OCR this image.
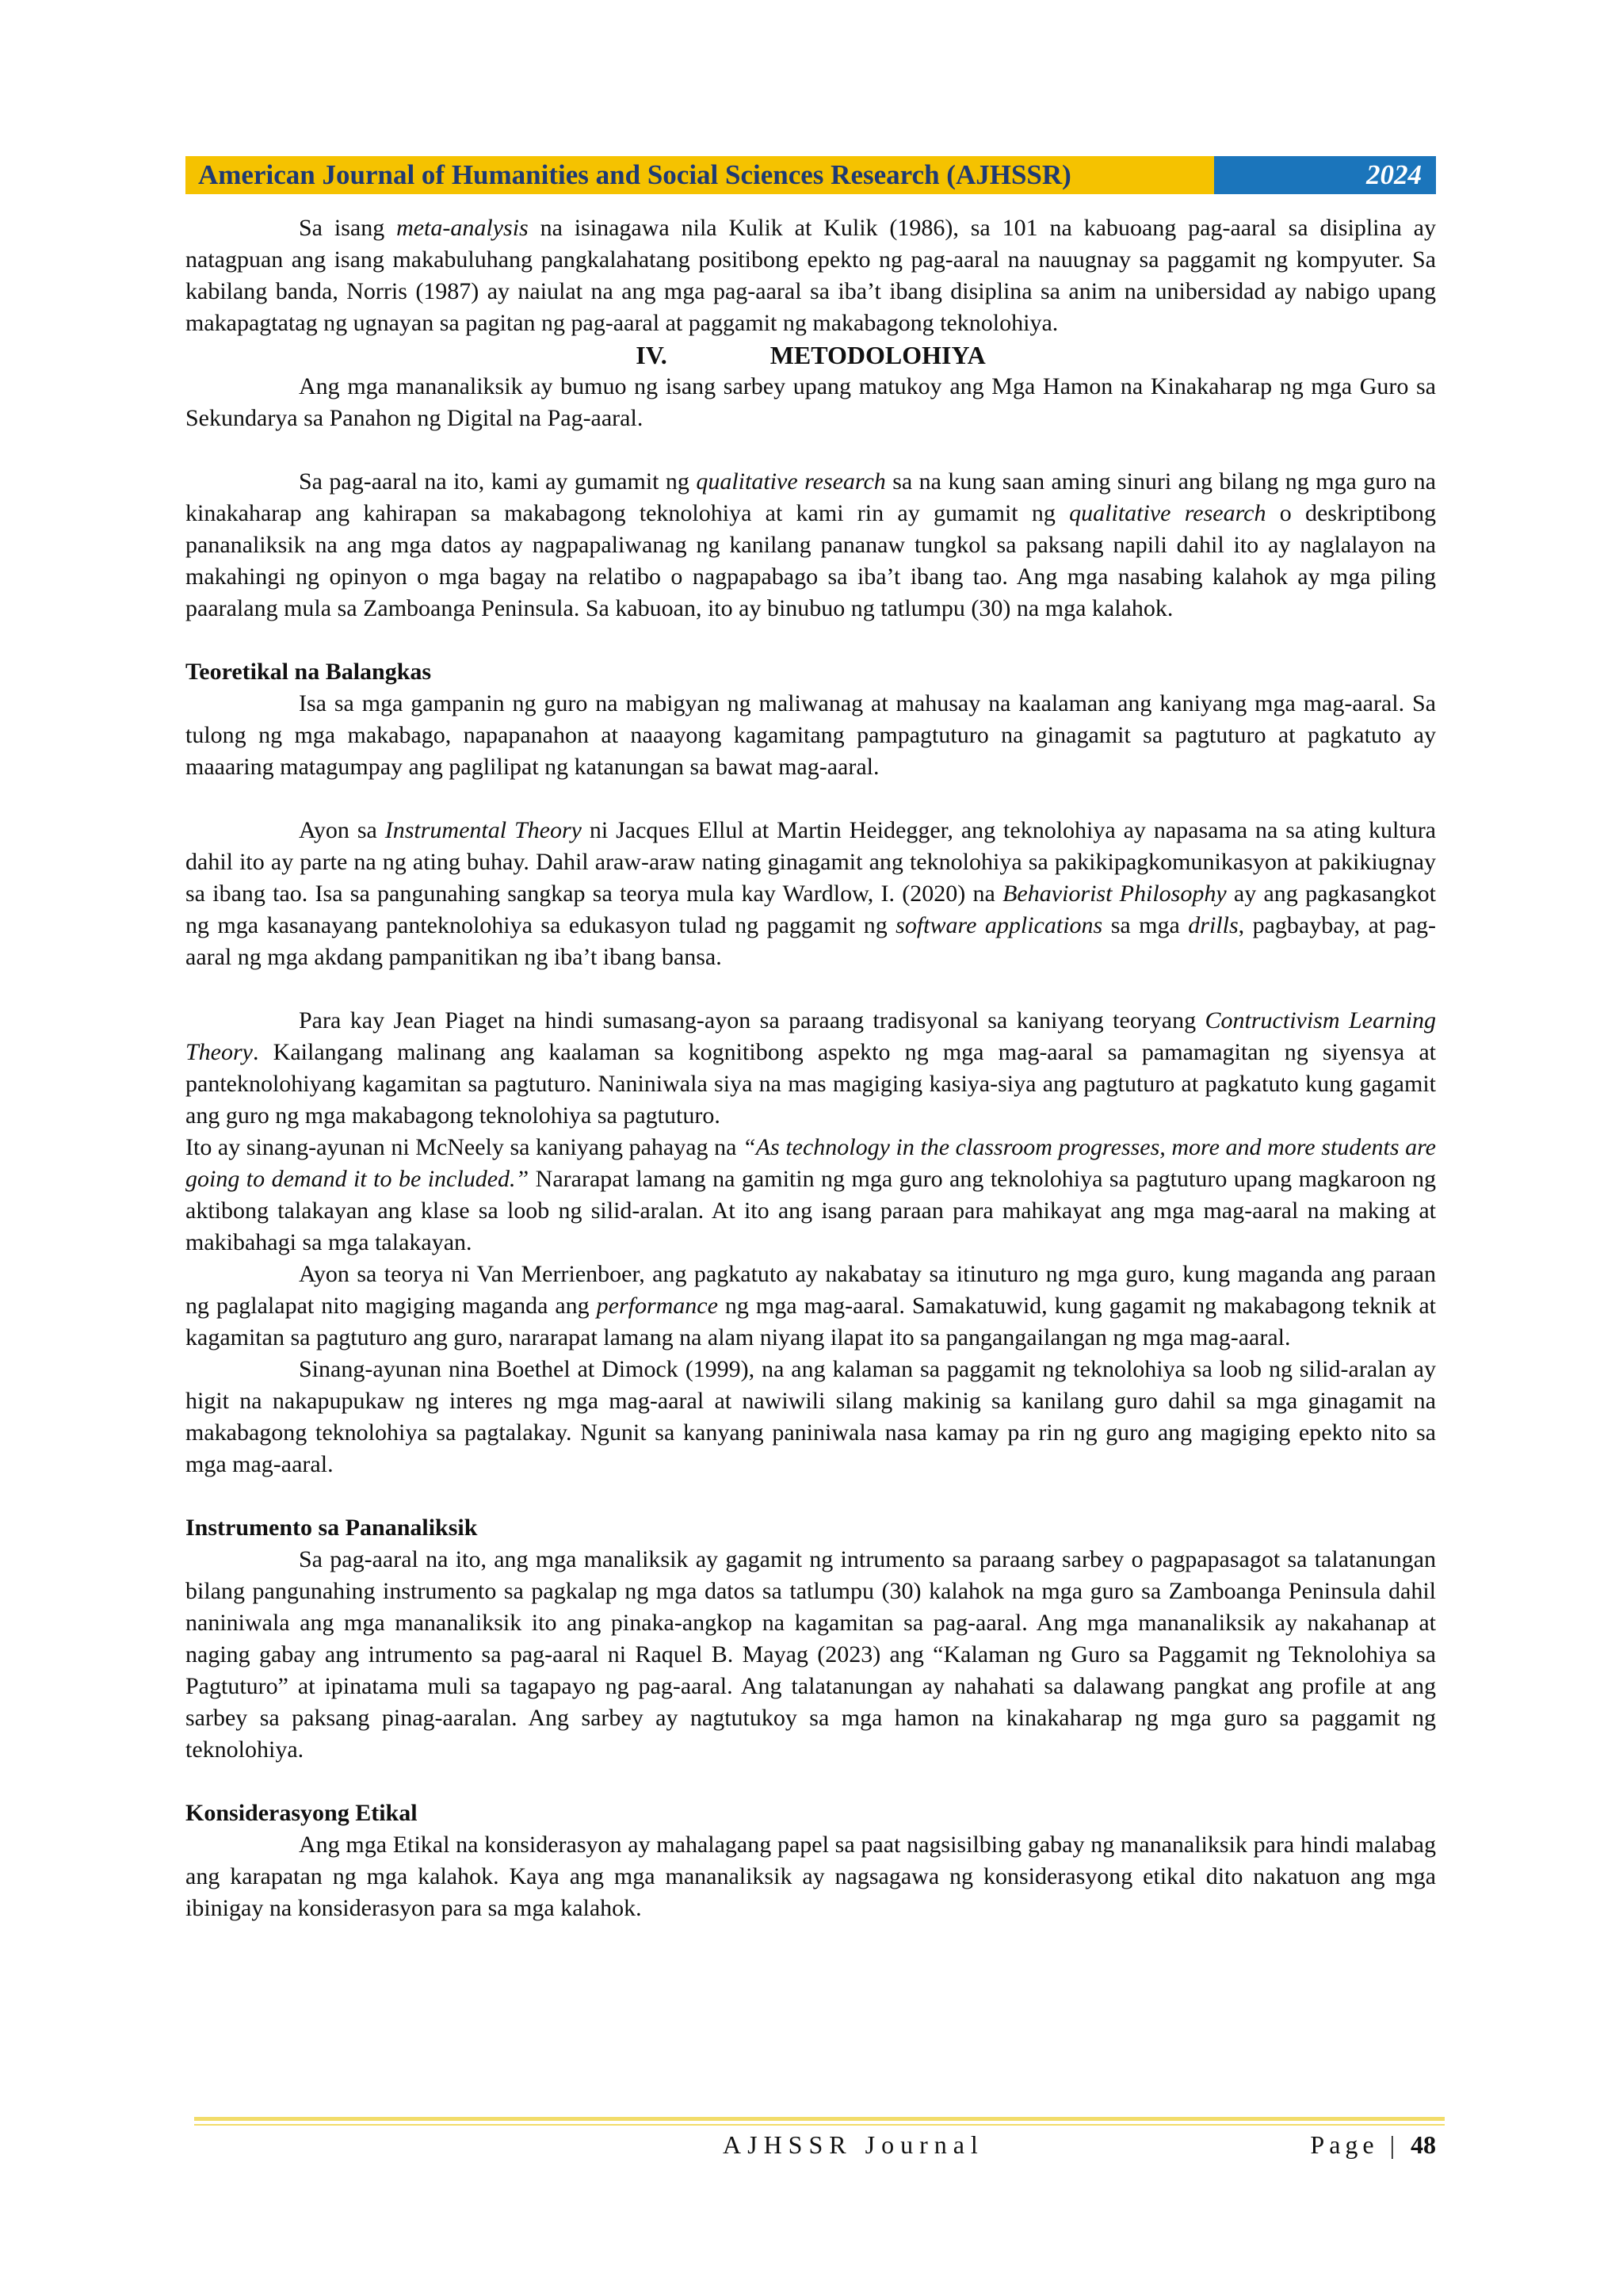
American Journal of Humanities and Social Sciences Research (AJHSSR)	2024

Sa isang meta-analysis na isinagawa nila Kulik at Kulik (1986), sa 101 na kabuoang pag-aaral sa disiplina ay natagpuan ang isang makabuluhang pangkalahatang positibong epekto ng pag-aaral na nauugnay sa paggamit ng kompyuter. Sa kabilang banda, Norris (1987) ay naiulat na ang mga pag-aaral sa iba’t ibang disiplina sa anim na unibersidad ay nabigo upang makapagtatag ng ugnayan sa pagitan ng pag-aaral at paggamit ng makabagong teknolohiya.

IV.	METODOLOHIYA

Ang mga mananaliksik ay bumuo ng isang sarbey upang matukoy ang Mga Hamon na Kinakaharap ng mga Guro sa Sekundarya sa Panahon ng Digital na Pag-aaral.

Sa pag-aaral na ito, kami ay gumamit ng qualitative research sa na kung saan aming sinuri ang bilang ng mga guro na kinakaharap ang kahirapan sa makabagong teknolohiya at kami rin ay gumamit ng qualitative research o deskriptibong pananaliksik na ang mga datos ay nagpapaliwanag ng kanilang pananaw tungkol sa paksang napili dahil ito ay naglalayon na makahingi ng opinyon o mga bagay na relatibo o nagpapabago sa iba’t ibang tao. Ang mga nasabing kalahok ay mga piling paaralang mula sa Zamboanga Peninsula. Sa kabuoan, ito ay binubuo ng tatlumpu (30) na mga kalahok.

Teoretikal na Balangkas

Isa sa mga gampanin ng guro na mabigyan ng maliwanag at mahusay na kaalaman ang kaniyang mga mag-aaral. Sa tulong ng mga makabago, napapanahon at naaayong kagamitang pampagtuturo na ginagamit sa pagtuturo at pagkatuto ay maaaring matagumpay ang paglilipat ng katanungan sa bawat mag-aaral.

Ayon sa Instrumental Theory ni Jacques Ellul at Martin Heidegger, ang teknolohiya ay napasama na sa ating kultura dahil ito ay parte na ng ating buhay. Dahil araw-araw nating ginagamit ang teknolohiya sa pakikipagkomunikasyon at pakikiugnay sa ibang tao. Isa sa pangunahing sangkap sa teorya mula kay Wardlow, I. (2020) na Behaviorist Philosophy ay ang pagkasangkot ng mga kasanayang panteknolohiya sa edukasyon tulad ng paggamit ng software applications sa mga drills, pagbaybay, at pag-aaral ng mga akdang pampanitikan ng iba’t ibang bansa.

Para kay Jean Piaget na hindi sumasang-ayon sa paraang tradisyonal sa kaniyang teoryang Contructivism Learning Theory. Kailangang malinang ang kaalaman sa kognitibong aspekto ng mga mag-aaral sa pamamagitan ng siyensya at panteknolohiyang kagamitan sa pagtuturo. Naniniwala siya na mas magiging kasiya-siya ang pagtuturo at pagkatuto kung gagamit ang guro ng mga makabagong teknolohiya sa pagtuturo.

Ito ay sinang-ayunan ni McNeely sa kaniyang pahayag na “As technology in the classroom progresses, more and more students are going to demand it to be included.” Nararapat lamang na gamitin ng mga guro ang teknolohiya sa pagtuturo upang magkaroon ng aktibong talakayan ang klase sa loob ng silid-aralan. At ito ang isang paraan para mahikayat ang mga mag-aaral na making at makibahagi sa mga talakayan.

Ayon sa teorya ni Van Merrienboer, ang pagkatuto ay nakabatay sa itinuturo ng mga guro, kung maganda ang paraan ng paglalapat nito magiging maganda ang performance ng mga mag-aaral. Samakatuwid, kung gagamit ng makabagong teknik at kagamitan sa pagtuturo ang guro, nararapat lamang na alam niyang ilapat ito sa pangangailangan ng mga mag-aaral.

Sinang-ayunan nina Boethel at Dimock (1999), na ang kalaman sa paggamit ng teknolohiya sa loob ng silid-aralan ay higit na nakapupukaw ng interes ng mga mag-aaral at nawiwili silang makinig sa kanilang guro dahil sa mga ginagamit na makabagong teknolohiya sa pagtalakay. Ngunit sa kanyang paniniwala nasa kamay pa rin ng guro ang magiging epekto nito sa mga mag-aaral.

Instrumento sa Pananaliksik

Sa pag-aaral na ito, ang mga manaliksik ay gagamit ng intrumento sa paraang sarbey o pagpapasagot sa talatanungan bilang pangunahing instrumento sa pagkalap ng mga datos sa tatlumpu (30) kalahok na mga guro sa Zamboanga Peninsula dahil naniniwala ang mga mananaliksik ito ang pinaka-angkop na kagamitan sa pag-aaral. Ang mga mananaliksik ay nakahanap at naging gabay ang intrumento sa pag-aaral ni Raquel B. Mayag (2023) ang “Kalaman ng Guro sa Paggamit ng Teknolohiya sa Pagtuturo” at ipinatama muli sa tagapayo ng pag-aaral. Ang talatanungan ay nahahati sa dalawang pangkat ang profile at ang sarbey sa paksang pinag-aaralan. Ang sarbey ay nagtutukoy sa mga hamon na kinakaharap ng mga guro sa paggamit ng teknolohiya.

Konsiderasyong Etikal

Ang mga Etikal na konsiderasyon ay mahalagang papel sa paat nagsisilbing gabay ng mananaliksik para hindi malabag ang karapatan ng mga kalahok. Kaya ang mga mananaliksik ay nagsagawa ng konsiderasyong etikal dito nakatuon ang mga ibinigay na konsiderasyon para sa mga kalahok.

AJHSSR Journal	Page | 48
